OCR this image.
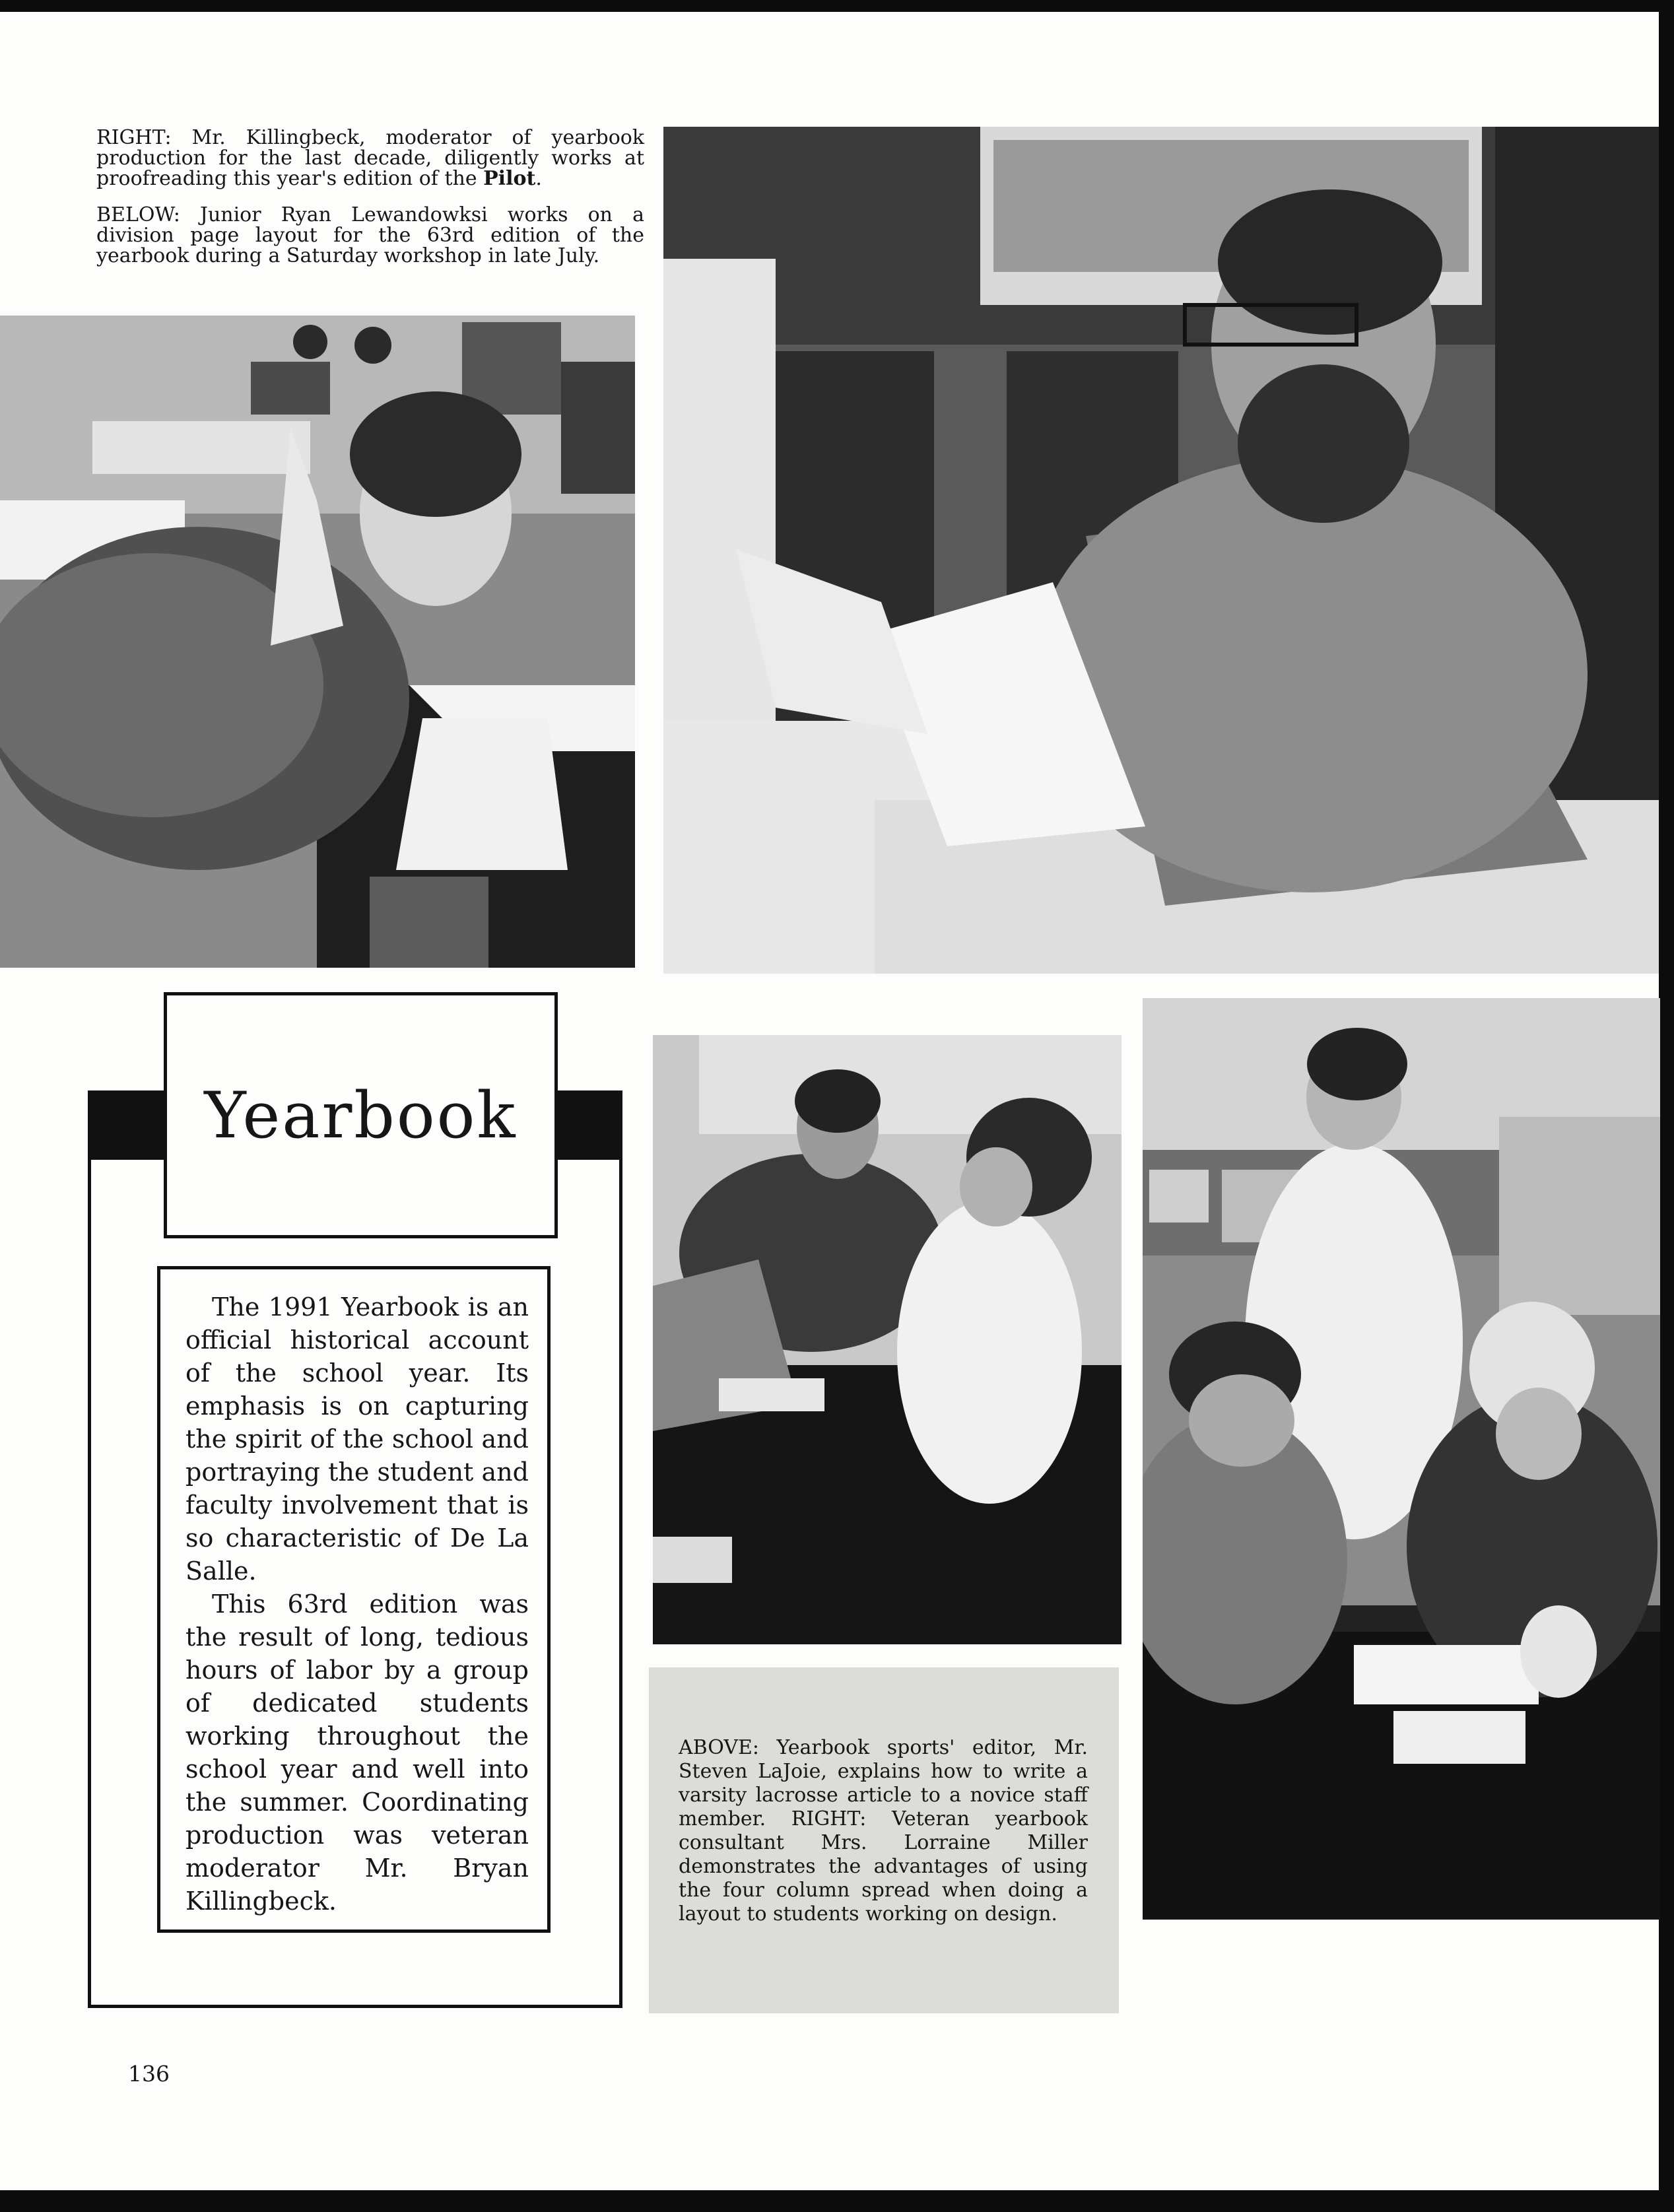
RIGHT: Mr. Killingbeck, moderator of yearbook production for the last decade, diligently works at proofreading this year's edition of the Pilot.

BELOW: Junior Ryan Lewandowksi works on a division page layout for the 63rd edition of the yearbook during a Saturday workshop in late July.

Yearbook

The 1991 Yearbook is an official historical account of the school year. Its emphasis is on capturing the spirit of the school and portraying the student and faculty involvement that is so characteristic of De La Salle.

This 63rd edition was the result of long, tedious hours of labor by a group of dedicated students working throughout the school year and well into the summer. Coordinating production was veteran moderator Mr. Bryan Killingbeck.

ABOVE: Yearbook sports' editor, Mr. Steven LaJoie, explains how to write a varsity lacrosse article to a novice staff member. RIGHT: Veteran yearbook consultant Mrs. Lorraine Miller demonstrates the advantages of using the four column spread when doing a layout to students working on design.
136
